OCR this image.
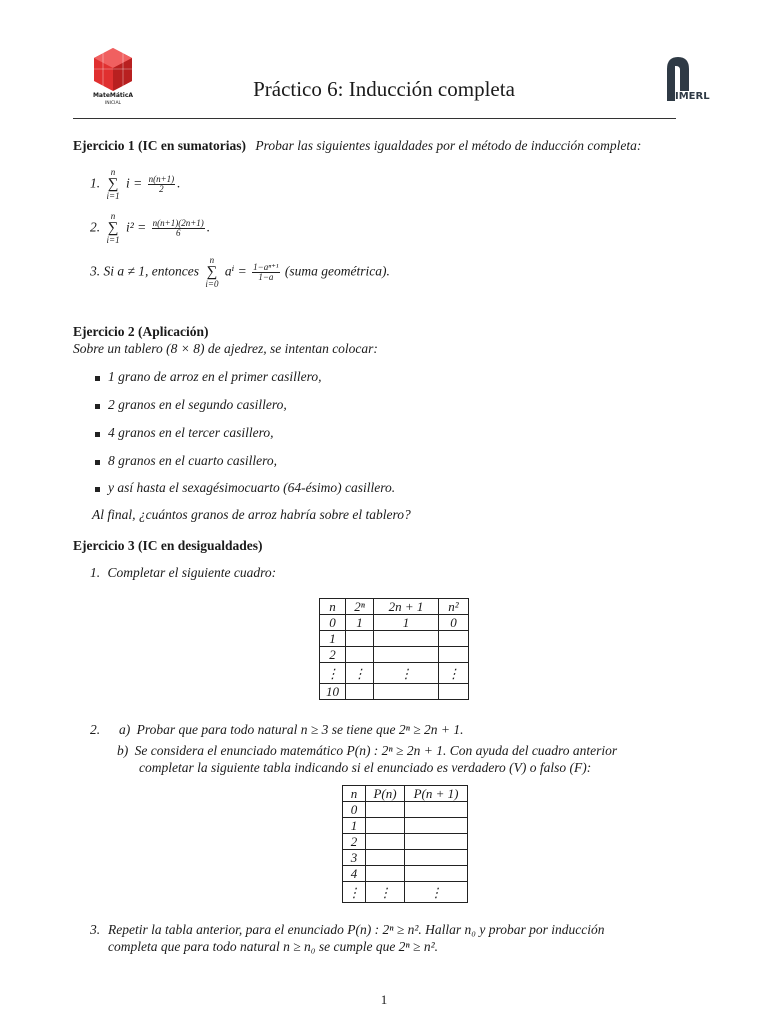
MateMáticA
INICIAL
Práctico 6: Inducción completa	IMERL
Ejercicio 1 (IC en sumatorias) Probar las siguientes igualdades por el método de inducción completa:
1.
n
∑
i=1
$i = \frac{n(n+1)}{2}$ .
2.
n
∑
i=1
$i^2 = \frac{n(n+1)(2n+1)}{6}$ .
3. Si a ≠ 1, entonces
n
∑
i=0
$a^i = \frac{\text{1−aⁿ⁺¹}}{1-a}$ (suma geométrica).
Ejercicio 2 (Aplicación)
Sobre un tablero (8 × 8) de ajedrez, se intentan colocar:
1 grano de arroz en el primer casillero,
2 granos en el segundo casillero,
4 granos en el tercer casillero,
8 granos en el cuarto casillero,
y así hasta el sexagésimocuarto (64-ésimo) casillero.
Al final, ¿cuántos granos de arroz habría sobre el tablero?
Ejercicio 3 (IC en desigualdades)
1. Completar el siguiente cuadro:
n	2ⁿ	2n + 1	n²
0	1	1	0
1			
2			
⋮	⋮	⋮	⋮
10			
2. a) Probar que para todo natural n ≥ 3 se tiene que 2ⁿ ≥ 2n + 1.
b) Se considera el enunciado matemático P(n) : 2ⁿ ≥ 2n + 1. Con ayuda del cuadro anterior
completar la siguiente tabla indicando si el enunciado es verdadero (V) o falso (F):
n	P(n)	P(n + 1)
0		
1		
2		
3		
4		
⋮	⋮	⋮
3. Repetir la tabla anterior, para el enunciado P(n) : 2ⁿ ≥ n². Hallar n₀ y probar por inducción
completa que para todo natural n ≥ n₀ se cumple que 2ⁿ ≥ n².
1
